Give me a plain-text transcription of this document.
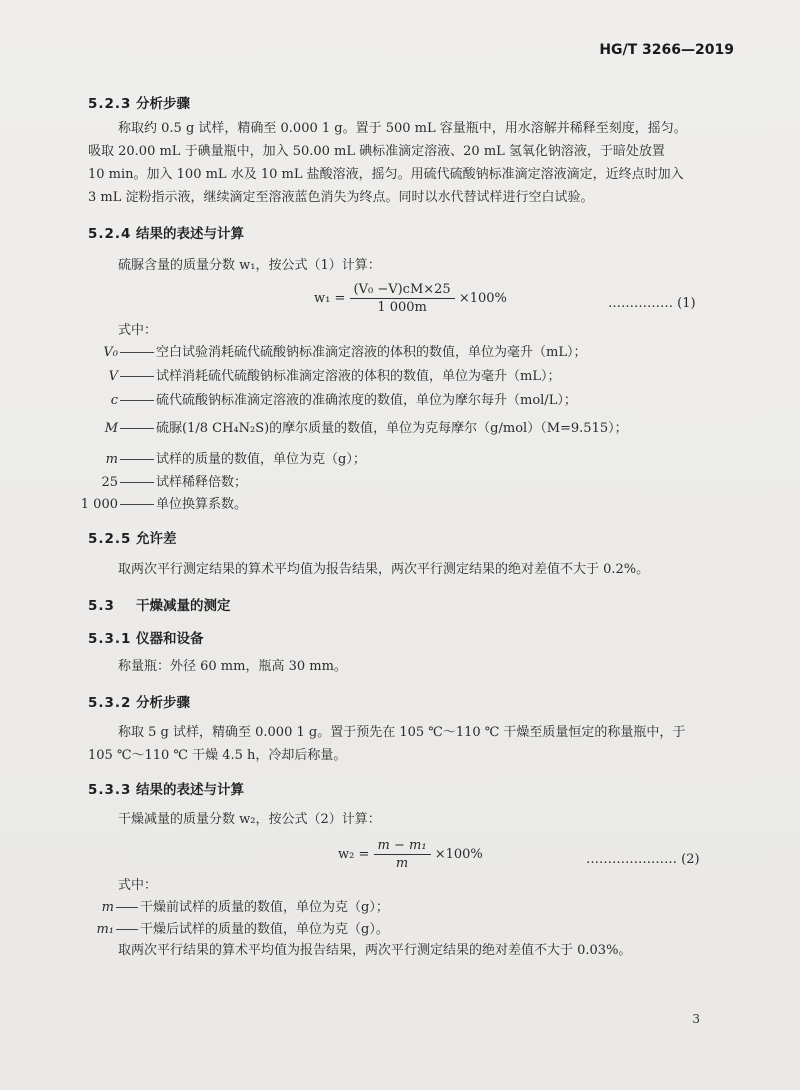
HG/T 3266—2019
5.2.3 分析步骤
称取约 0.5 g 试样，精确至 0.000 1 g。置于 500 mL 容量瓶中，用水溶解并稀释至刻度，摇匀。
吸取 20.00 mL 于碘量瓶中，加入 50.00 mL 碘标准滴定溶液、20 mL 氢氧化钠溶液，于暗处放置
10 min。加入 100 mL 水及 10 mL 盐酸溶液，摇匀。用硫代硫酸钠标准滴定溶液滴定，近终点时加入
3 mL 淀粉指示液，继续滴定至溶液蓝色消失为终点。同时以水代替试样进行空白试验。
5.2.4 结果的表述与计算
硫脲含量的质量分数 w₁，按公式（1）计算：
$w_1 = \frac{\text{(V₀ −V)cM×25}}{1 000m} \times 100\%$	…………… (1)
式中：
V₀	空白试验消耗硫代硫酸钠标准滴定溶液的体积的数值，单位为毫升（mL）；
V	试样消耗硫代硫酸钠标准滴定溶液的体积的数值，单位为毫升（mL）；
c	硫代硫酸钠标准滴定溶液的准确浓度的数值，单位为摩尔每升（mol/L）；
M	硫脲(1/8 CH₄N₂S)的摩尔质量的数值，单位为克每摩尔（g/mol）（M=9.515）；
m	试样的质量的数值，单位为克（g）；
25	试样稀释倍数；
1 000	单位换算系数。
5.2.5 允许差
取两次平行测定结果的算术平均值为报告结果，两次平行测定结果的绝对差值不大于 0.2%。
5.3 干燥减量的测定
5.3.1 仪器和设备
称量瓶：外径 60 mm，瓶高 30 mm。
5.3.2 分析步骤
称取 5 g 试样，精确至 0.000 1 g。置于预先在 105 ℃～110 ℃ 干燥至质量恒定的称量瓶中，于
105 ℃～110 ℃ 干燥 4.5 h，冷却后称量。
5.3.3 结果的表述与计算
干燥减量的质量分数 w₂，按公式（2）计算：
$w_2 = \frac{\text{m − m₁}}{m} \times 100\%$	………………… (2)
式中：
m 干燥前试样的质量的数值，单位为克（g）；
m₁ 干燥后试样的质量的数值，单位为克（g）。
取两次平行结果的算术平均值为报告结果，两次平行测定结果的绝对差值不大于 0.03%。
3
